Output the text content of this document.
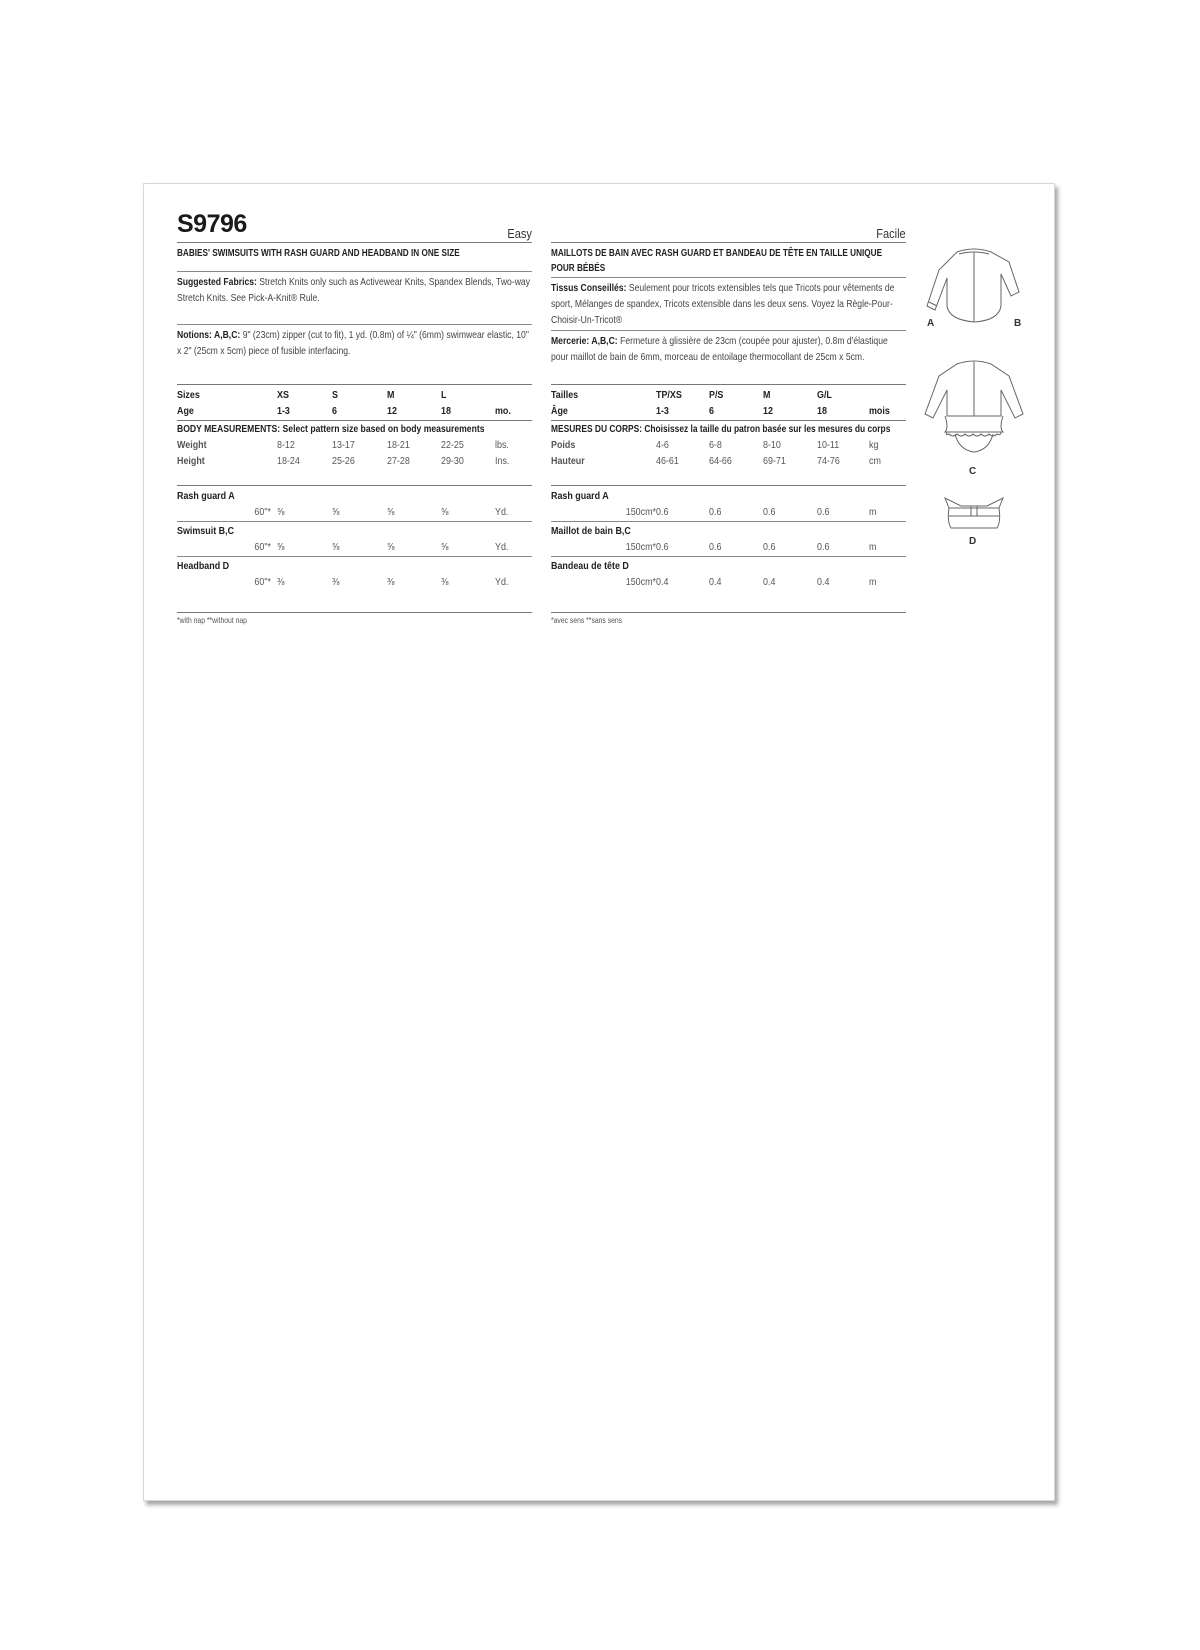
S9796	Easy
BABIES' SWIMSUITS WITH RASH GUARD AND HEADBAND IN ONE SIZE
Suggested Fabrics: Stretch Knits only such as Activewear Knits, Spandex Blends, Two-way Stretch Knits. See Pick-A-Knit® Rule.
Notions: A,B,C: 9" (23cm) zipper (cut to fit), 1 yd. (0.8m) of ¼" (6mm) swimwear elastic, 10" x 2" (25cm x 5cm) piece of fusible interfacing.
Sizes	XS	S	M	L
Age	1-3	6	12	18	mo.
BODY MEASUREMENTS: Select pattern size based on body measurements
Weight	8-12	13-17	18-21	22-25	lbs.
Height	18-24	25-26	27-28	29-30	Ins.
Rash guard A
60"* ⅝	⅝	⅝	⅝	Yd.
Swimsuit B,C
60"* ⅝	⅝	⅝	⅝	Yd.
Headband D
60"* ⅜	⅜	⅜	⅜	Yd.
*with nap **without nap
Facile
MAILLOTS DE BAIN AVEC RASH GUARD ET BANDEAU DE TÊTE EN TAILLE UNIQUE POUR BÉBÉS
Tissus Conseillés: Seulement pour tricots extensibles tels que Tricots pour vêtements de sport, Mélanges de spandex, Tricots extensible dans les deux sens. Voyez la Règle-Pour-Choisir-Un-Tricot®
Mercerie: A,B,C: Fermeture à glissière de 23cm (coupée pour ajuster), 0.8m d'élastique pour maillot de bain de 6mm, morceau de entoilage thermocollant de 25cm x 5cm.
Tailles	TP/XS	P/S	M	G/L
Âge	1-3	6	12	18	mois
MESURES DU CORPS: Choisissez la taille du patron basée sur les mesures du corps
Poids	4-6	6-8	8-10	10-11	kg
Hauteur	46-61	64-66	69-71	74-76	cm
Rash guard A
150cm* 0.6	0.6	0.6	0.6	m
Maillot de bain B,C
150cm* 0.6	0.6	0.6	0.6	m
Bandeau de tête D
150cm* 0.4	0.4	0.4	0.4	m
*avec sens **sans sens
A	B
C
D
